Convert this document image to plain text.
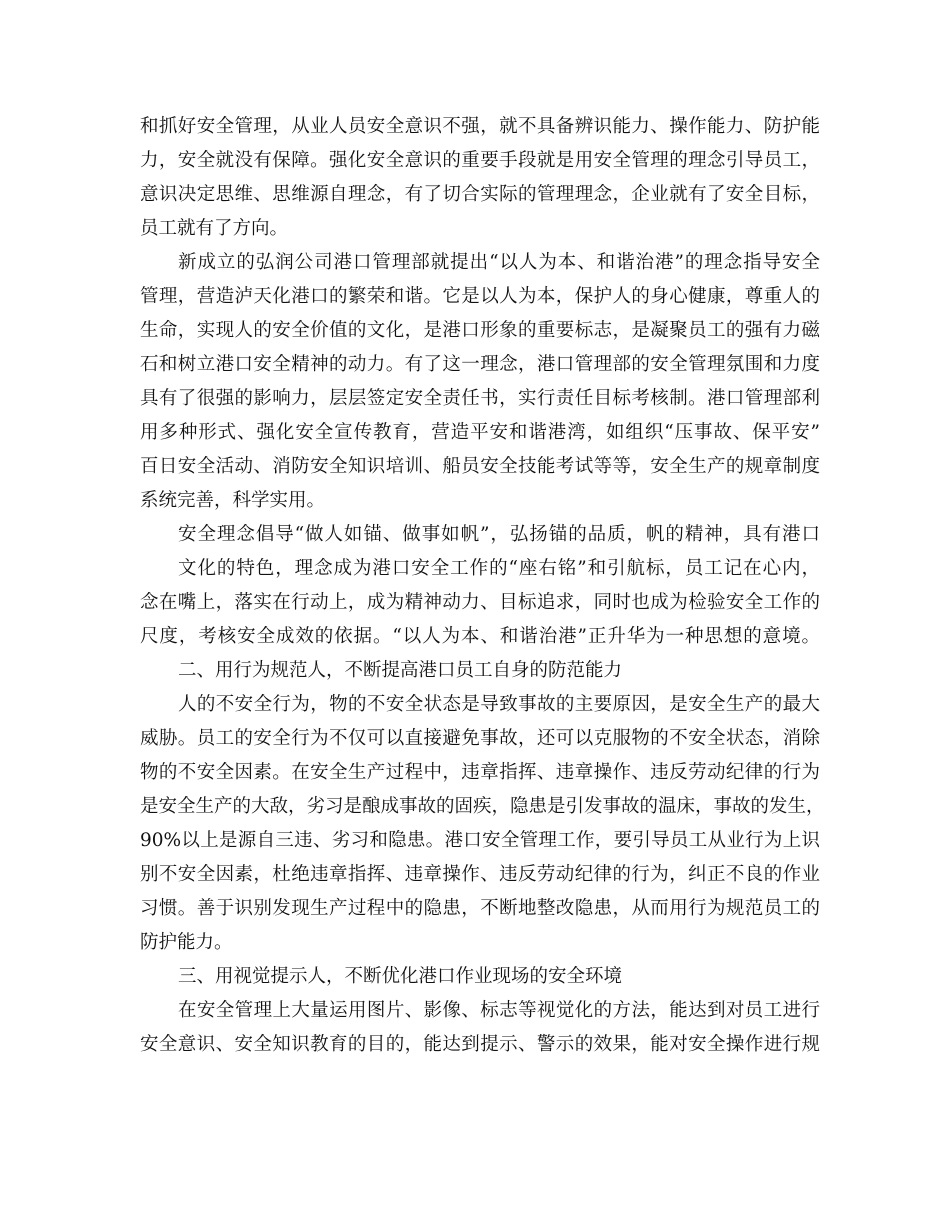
和抓好安全管理，从业人员安全意识不强，就不具备辨识能力、操作能力、防护能
力，安全就没有保障。强化安全意识的重要手段就是用安全管理的理念引导员工，
意识决定思维、思维源自理念，有了切合实际的管理理念，企业就有了安全目标，
员工就有了方向。
新成立的弘润公司港口管理部就提出“以人为本、和谐治港”的理念指导安全
管理，营造泸天化港口的繁荣和谐。它是以人为本，保护人的身心健康，尊重人的
生命，实现人的安全价值的文化，是港口形象的重要标志，是凝聚员工的强有力磁
石和树立港口安全精神的动力。有了这一理念，港口管理部的安全管理氛围和力度
具有了很强的影响力，层层签定安全责任书，实行责任目标考核制。港口管理部利
用多种形式、强化安全宣传教育，营造平安和谐港湾，如组织“压事故、保平安”
百日安全活动、消防安全知识培训、船员安全技能考试等等，安全生产的规章制度
系统完善，科学实用。
安全理念倡导“做人如锚、做事如帆”，弘扬锚的品质，帆的精神，具有港口
文化的特色，理念成为港口安全工作的“座右铭”和引航标，员工记在心内，
念在嘴上，落实在行动上，成为精神动力、目标追求，同时也成为检验安全工作的
尺度，考核安全成效的依据。“以人为本、和谐治港”正升华为一种思想的意境。
二、用行为规范人，不断提高港口员工自身的防范能力
人的不安全行为，物的不安全状态是导致事故的主要原因，是安全生产的最大
威胁。员工的安全行为不仅可以直接避免事故，还可以克服物的不安全状态，消除
物的不安全因素。在安全生产过程中，违章指挥、违章操作、违反劳动纪律的行为
是安全生产的大敌，劣习是酿成事故的固疾，隐患是引发事故的温床，事故的发生，
90%以上是源自三违、劣习和隐患。港口安全管理工作，要引导员工从业行为上识
别不安全因素，杜绝违章指挥、违章操作、违反劳动纪律的行为，纠正不良的作业
习惯。善于识别发现生产过程中的隐患，不断地整改隐患，从而用行为规范员工的
防护能力。
三、用视觉提示人，不断优化港口作业现场的安全环境
在安全管理上大量运用图片、影像、标志等视觉化的方法，能达到对员工进行
安全意识、安全知识教育的目的，能达到提示、警示的效果，能对安全操作进行规
